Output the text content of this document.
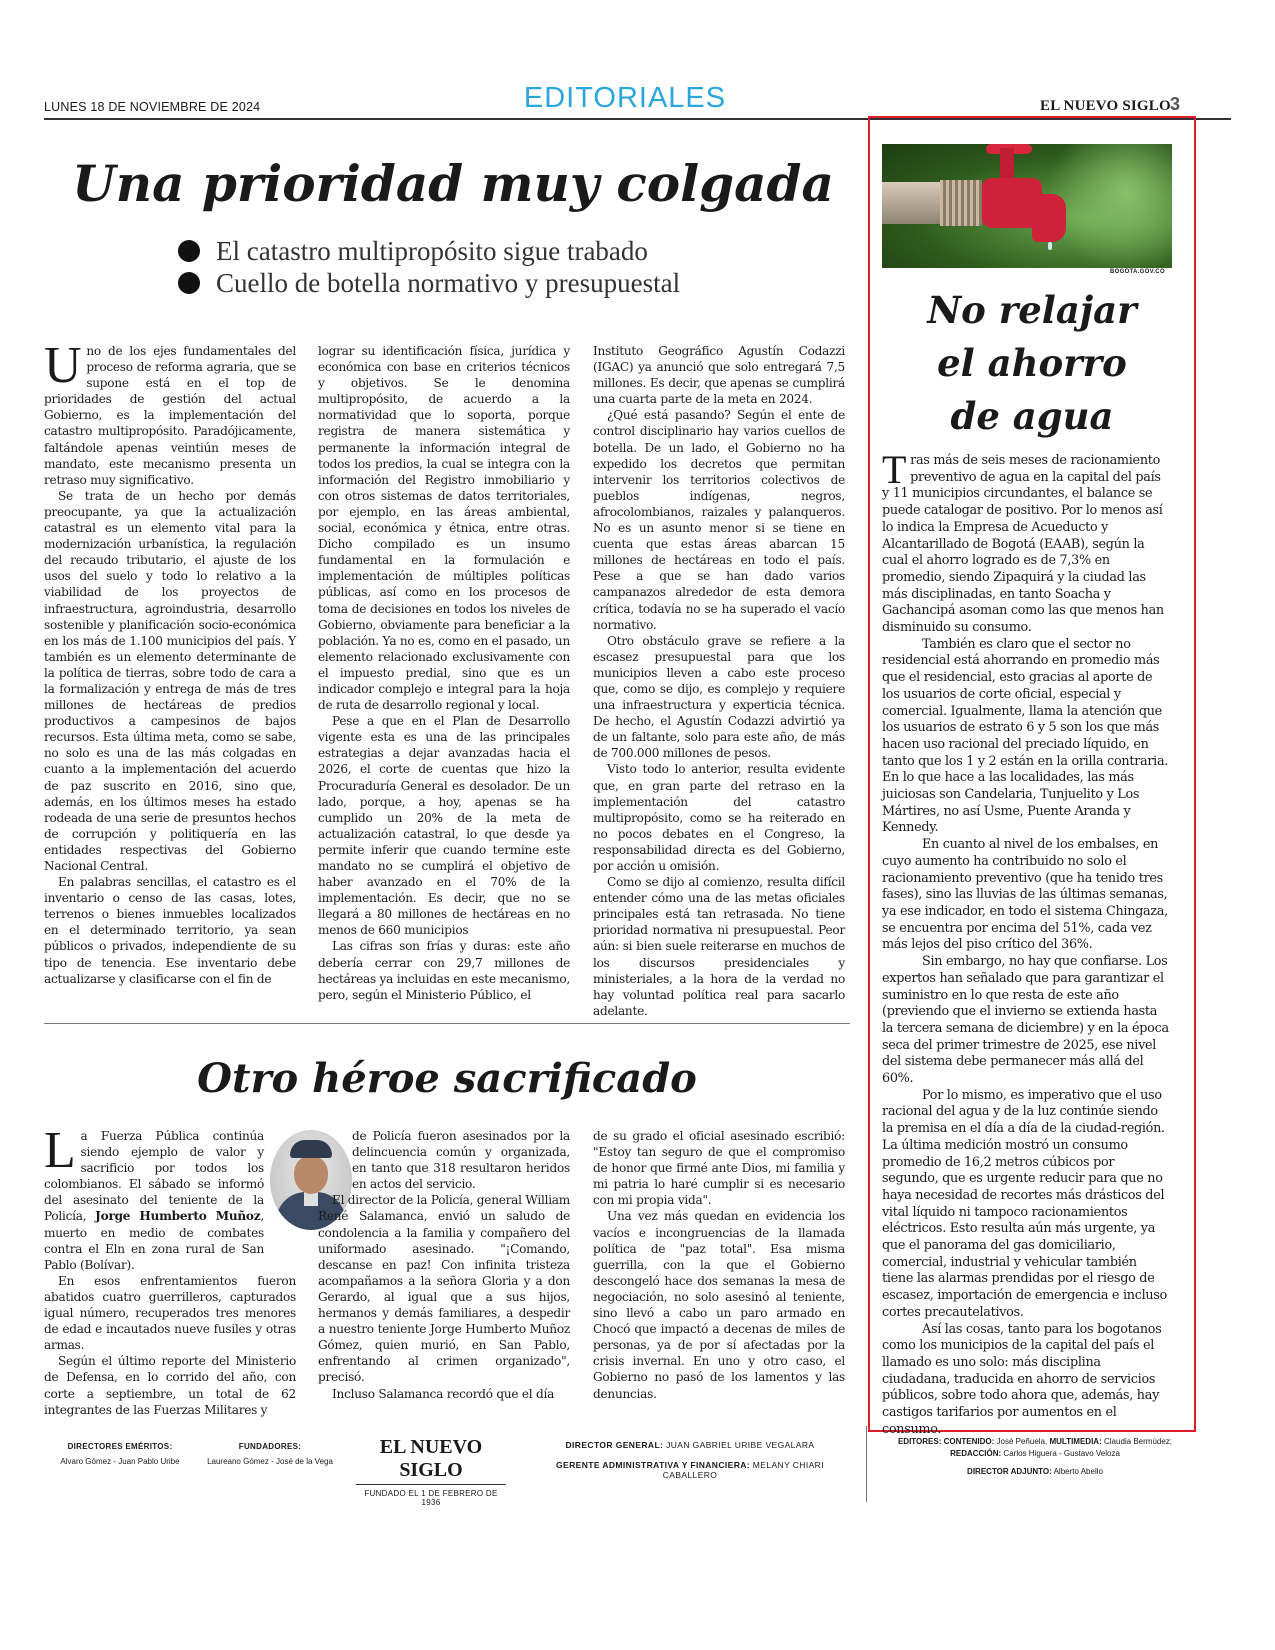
LUNES 18 DE NOVIEMBRE DE 2024	EDITORIALES	EL NUEVO SIGLO 3
Una prioridad muy colgada
El catastro multipropósito sigue trabado
Cuello de botella normativo y presupuestal

Uno de los ejes fundamentales del proceso de reforma agraria, que se supone está en el top de prioridades de gestión del actual Gobierno, es la implementación del catastro multipropósito. Paradójicamente, faltándole apenas veintiún meses de mandato, este mecanismo presenta un retraso muy significativo.

Se trata de un hecho por demás preocupante, ya que la actualización catastral es un elemento vital para la modernización urbanística, la regulación del recaudo tributario, el ajuste de los usos del suelo y todo lo relativo a la viabilidad de los proyectos de infraestructura, agroindustria, desarrollo sostenible y planificación socio-económica en los más de 1.100 municipios del país. Y también es un elemento determinante de la política de tierras, sobre todo de cara a la formalización y entrega de más de tres millones de hectáreas de predios productivos a campesinos de bajos recursos. Esta última meta, como se sabe, no solo es una de las más colgadas en cuanto a la implementación del acuerdo de paz suscrito en 2016, sino que, además, en los últimos meses ha estado rodeada de una serie de presuntos hechos de corrupción y politiquería en las entidades respectivas del Gobierno Nacional Central.

En palabras sencillas, el catastro es el inventario o censo de las casas, lotes, terrenos o bienes inmuebles localizados en el determinado territorio, ya sean públicos o privados, independiente de su tipo de tenencia. Ese inventario debe actualizarse y clasificarse con el fin de

lograr su identificación física, jurídica y económica con base en criterios técnicos y objetivos. Se le denomina multipropósito, de acuerdo a la normatividad que lo soporta, porque registra de manera sistemática y permanente la información integral de todos los predios, la cual se integra con la información del Registro inmobiliario y con otros sistemas de datos territoriales, por ejemplo, en las áreas ambiental, social, económica y étnica, entre otras. Dicho compilado es un insumo fundamental en la formulación e implementación de múltiples políticas públicas, así como en los procesos de toma de decisiones en todos los niveles de Gobierno, obviamente para beneficiar a la población. Ya no es, como en el pasado, un elemento relacionado exclusivamente con el impuesto predial, sino que es un indicador complejo e integral para la hoja de ruta de desarrollo regional y local.

Pese a que en el Plan de Desarrollo vigente esta es una de las principales estrategias a dejar avanzadas hacia el 2026, el corte de cuentas que hizo la Procuraduría General es desolador. De un lado, porque, a hoy, apenas se ha cumplido un 20% de la meta de actualización catastral, lo que desde ya permite inferir que cuando termine este mandato no se cumplirá el objetivo de haber avanzado en el 70% de la implementación. Es decir, que no se llegará a 80 millones de hectáreas en no menos de 660 municipios

Las cifras son frías y duras: este año debería cerrar con 29,7 millones de hectáreas ya incluidas en este mecanismo, pero, según el Ministerio Público, el

Instituto Geográfico Agustín Codazzi (IGAC) ya anunció que solo entregará 7,5 millones. Es decir, que apenas se cumplirá una cuarta parte de la meta en 2024.

¿Qué está pasando? Según el ente de control disciplinario hay varios cuellos de botella. De un lado, el Gobierno no ha expedido los decretos que permitan intervenir los territorios colectivos de pueblos indígenas, negros, afrocolombianos, raizales y palanqueros. No es un asunto menor si se tiene en cuenta que estas áreas abarcan 15 millones de hectáreas en todo el país. Pese a que se han dado varios campanazos alrededor de esta demora crítica, todavía no se ha superado el vacío normativo.

Otro obstáculo grave se refiere a la escasez presupuestal para que los municipios lleven a cabo este proceso que, como se dijo, es complejo y requiere una infraestructura y experticia técnica. De hecho, el Agustín Codazzi advirtió ya de un faltante, solo para este año, de más de 700.000 millones de pesos.

Visto todo lo anterior, resulta evidente que, en gran parte del retraso en la implementación del catastro multipropósito, como se ha reiterado en no pocos debates en el Congreso, la responsabilidad directa es del Gobierno, por acción u omisión.

Como se dijo al comienzo, resulta difícil entender cómo una de las metas oficiales principales está tan retrasada. No tiene prioridad normativa ni presupuestal. Peor aún: si bien suele reiterarse en muchos de los discursos presidenciales y ministeriales, a la hora de la verdad no hay voluntad política real para sacarlo adelante.

Otro héroe sacrificado

La Fuerza Pública continúa siendo ejemplo de valor y sacrificio por todos los colombianos. El sábado se informó del asesinato del teniente de la Policía, Jorge Humberto Muñoz, muerto en medio de combates contra el Eln en zona rural de San Pablo (Bolívar).

En esos enfrentamientos fueron abatidos cuatro guerrilleros, capturados igual número, recuperados tres menores de edad e incautados nueve fusiles y otras armas.

Según el último reporte del Ministerio de Defensa, en lo corrido del año, con corte a septiembre, un total de 62 integrantes de las Fuerzas Militares y

de Policía fueron asesinados por la delincuencia común y organizada, en tanto que 318 resultaron heridos en actos del servicio.

El director de la Policía, general William René Salamanca, envió un saludo de condolencia a la familia y compañero del uniformado asesinado. "¡Comando, descanse en paz! Con infinita tristeza acompañamos a la señora Gloria y a don Gerardo, al igual que a sus hijos, hermanos y demás familiares, a despedir a nuestro teniente Jorge Humberto Muñoz Gómez, quien murió, en San Pablo, enfrentando al crimen organizado", precisó.

Incluso Salamanca recordó que el día

de su grado el oficial asesinado escribió: "Estoy tan seguro de que el compromiso de honor que firmé ante Dios, mi familia y mi patria lo haré cumplir si es necesario con mi propia vida".

Una vez más quedan en evidencia los vacíos e incongruencias de la llamada política de "paz total". Esa misma guerrilla, con la que el Gobierno descongeló hace dos semanas la mesa de negociación, no solo asesinó al teniente, sino llevó a cabo un paro armado en Chocó que impactó a decenas de miles de personas, ya de por sí afectadas por la crisis invernal. En uno y otro caso, el Gobierno no pasó de los lamentos y las denuncias.

BOGOTA.GOV.CO
No relajar
el ahorro
de agua

Tras más de seis meses de racionamiento preventivo de agua en la capital del país y 11 municipios circundantes, el balance se puede catalogar de positivo. Por lo menos así lo indica la Empresa de Acueducto y Alcantarillado de Bogotá (EAAB), según la cual el ahorro logrado es de 7,3% en promedio, siendo Zipaquirá y la ciudad las más disciplinadas, en tanto Soacha y Gachancipá asoman como las que menos han disminuido su consumo.

También es claro que el sector no residencial está ahorrando en promedio más que el residencial, esto gracias al aporte de los usuarios de corte oficial, especial y comercial. Igualmente, llama la atención que los usuarios de estrato 6 y 5 son los que más hacen uso racional del preciado líquido, en tanto que los 1 y 2 están en la orilla contraria. En lo que hace a las localidades, las más juiciosas son Candelaria, Tunjuelito y Los Mártires, no así Usme, Puente Aranda y Kennedy.

En cuanto al nivel de los embalses, en cuyo aumento ha contribuido no solo el racionamiento preventivo (que ha tenido tres fases), sino las lluvias de las últimas semanas, ya ese indicador, en todo el sistema Chingaza, se encuentra por encima del 51%, cada vez más lejos del piso crítico del 36%.

Sin embargo, no hay que confiarse. Los expertos han señalado que para garantizar el suministro en lo que resta de este año (previendo que el invierno se extienda hasta la tercera semana de diciembre) y en la época seca del primer trimestre de 2025, ese nivel del sistema debe permanecer más allá del 60%.

Por lo mismo, es imperativo que el uso racional del agua y de la luz continúe siendo la premisa en el día a día de la ciudad-región. La última medición mostró un consumo promedio de 16,2 metros cúbicos por segundo, que es urgente reducir para que no haya necesidad de recortes más drásticos del vital líquido ni tampoco racionamientos eléctricos. Esto resulta aún más urgente, ya que el panorama del gas domiciliario, comercial, industrial y vehicular también tiene las alarmas prendidas por el riesgo de escasez, importación de emergencia e incluso cortes precautelativos.

Así las cosas, tanto para los bogotanos como los municipios de la capital del país el llamado es uno solo: más disciplina ciudadana, traducida en ahorro de servicios públicos, sobre todo ahora que, además, hay castigos tarifarios por aumentos en el consumo.

DIRECTORES EMÉRITOS:
Alvaro Gómez - Juan Pablo Uribe
FUNDADORES:
Laureano Gómez - José de la Vega
EL NUEVO SIGLO
FUNDADO EL 1 DE FEBRERO DE 1936
DIRECTOR GENERAL: JUAN GABRIEL URIBE VEGALARA
GERENTE ADMINISTRATIVA Y FINANCIERA: MELANY CHIARI CABALLERO
EDITORES: CONTENIDO: José Peñuela, MULTIMEDIA: Claudia Bermúdez;
REDACCIÓN: Carlos Higuera - Gustavo Veloza
DIRECTOR ADJUNTO: Alberto Abello
